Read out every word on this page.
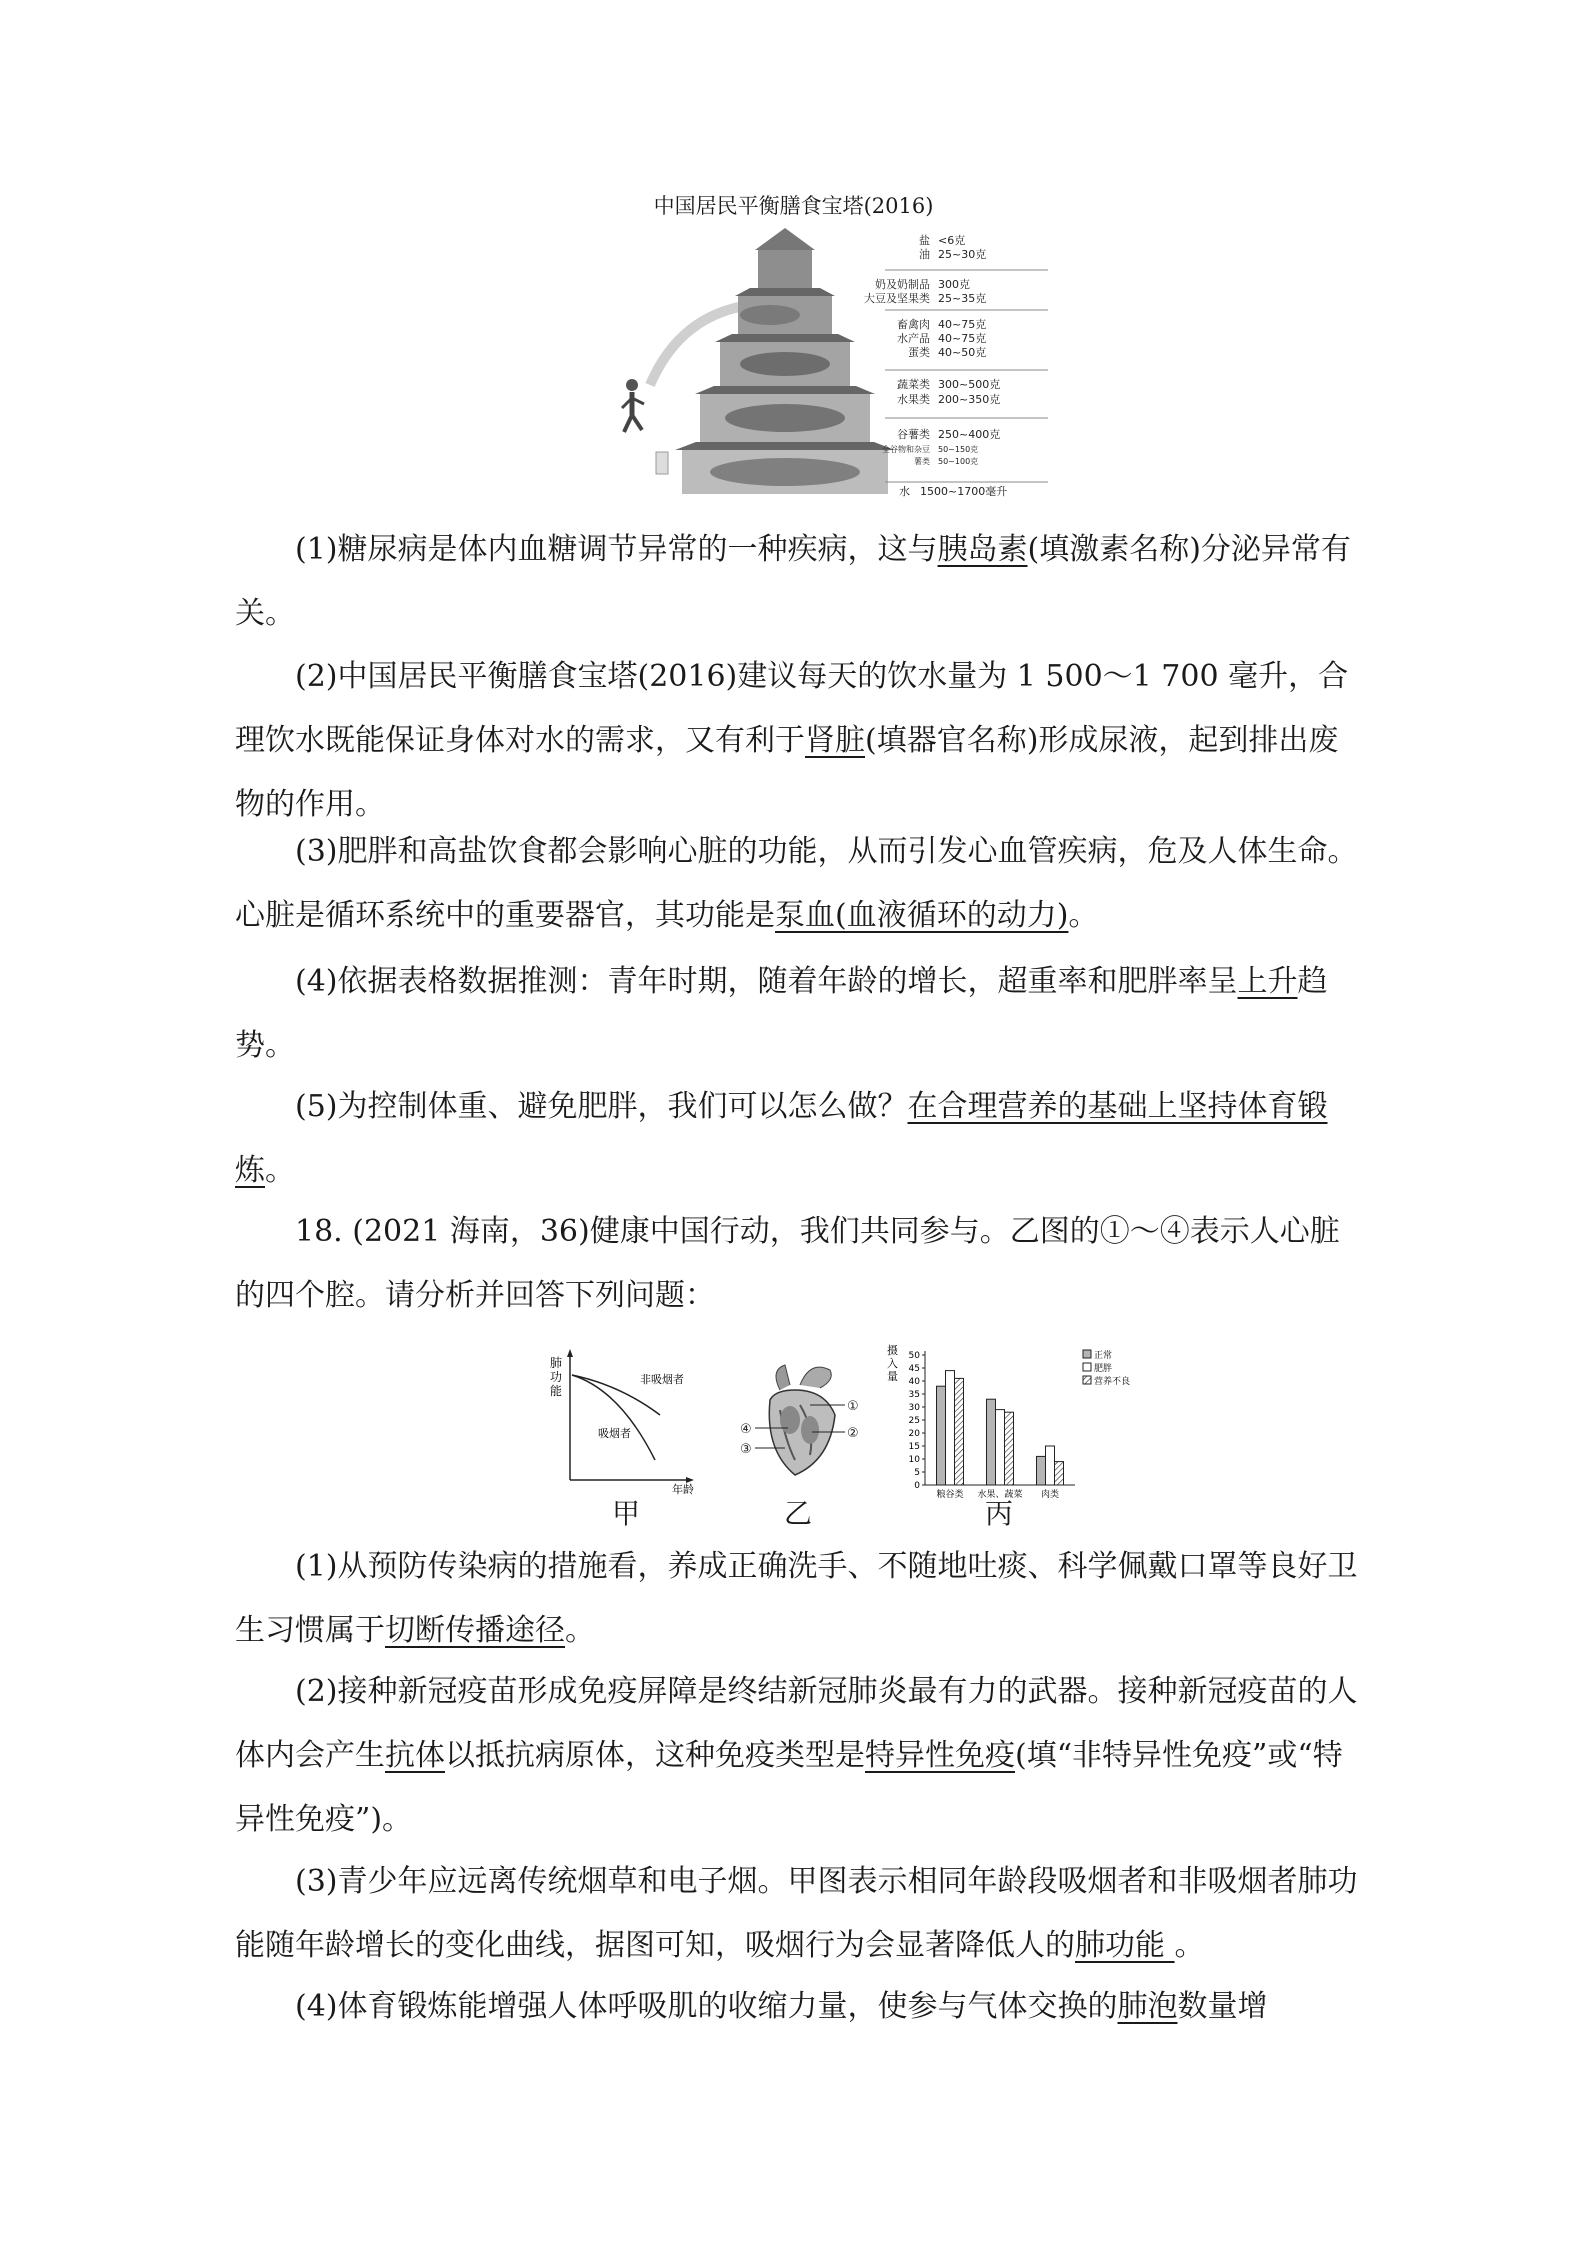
中国居民平衡膳食宝塔(2016)
盐
油
<6克
25~30克
奶及奶制品
大豆及坚果类
300克
25~35克
畜禽肉
水产品
蛋类
40~75克
40~75克
40~50克
蔬菜类
水果类
300~500克
200~350克
谷薯类
全谷物和杂豆
薯类
250~400克
50~150克
50~100克
水 1500~1700毫升
(1)糖尿病是体内血糖调节异常的一种疾病，这与胰岛素(填激素名称)分泌异常有关。
(2)中国居民平衡膳食宝塔(2016)建议每天的饮水量为 1 500～1 700 毫升，合理饮水既能保证身体对水的需求，又有利于肾脏(填器官名称)形成尿液，起到排出废物的作用。
(3)肥胖和高盐饮食都会影响心脏的功能，从而引发心血管疾病，危及人体生命。心脏是循环系统中的重要器官，其功能是泵血(血液循环的动力)。
(4)依据表格数据推测：青年时期，随着年龄的增长，超重率和肥胖率呈上升趋势。
(5)为控制体重、避免肥胖，我们可以怎么做？在合理营养的基础上坚持体育锻炼。
18. (2021 海南，36)健康中国行动，我们共同参与。乙图的①～④表示人心脏的四个腔。请分析并回答下列问题：
肺
功
能
非吸烟者
吸烟者
年龄
甲
①
②
③
④
乙
摄
入
量
0
5
10
15
20
25
30
35
40
45
50
粮谷类 水果、蔬菜 肉类
正常
肥胖
营养不良
丙
(1)从预防传染病的措施看，养成正确洗手、不随地吐痰、科学佩戴口罩等良好卫生习惯属于切断传播途径。
(2)接种新冠疫苗形成免疫屏障是终结新冠肺炎最有力的武器。接种新冠疫苗的人体内会产生抗体以抵抗病原体，这种免疫类型是特异性免疫(填“非特异性免疫”或“特异性免疫”)。
(3)青少年应远离传统烟草和电子烟。甲图表示相同年龄段吸烟者和非吸烟者肺功能随年龄增长的变化曲线，据图可知，吸烟行为会显著降低人的肺功能 。
(4)体育锻炼能增强人体呼吸肌的收缩力量，使参与气体交换的肺泡数量增
